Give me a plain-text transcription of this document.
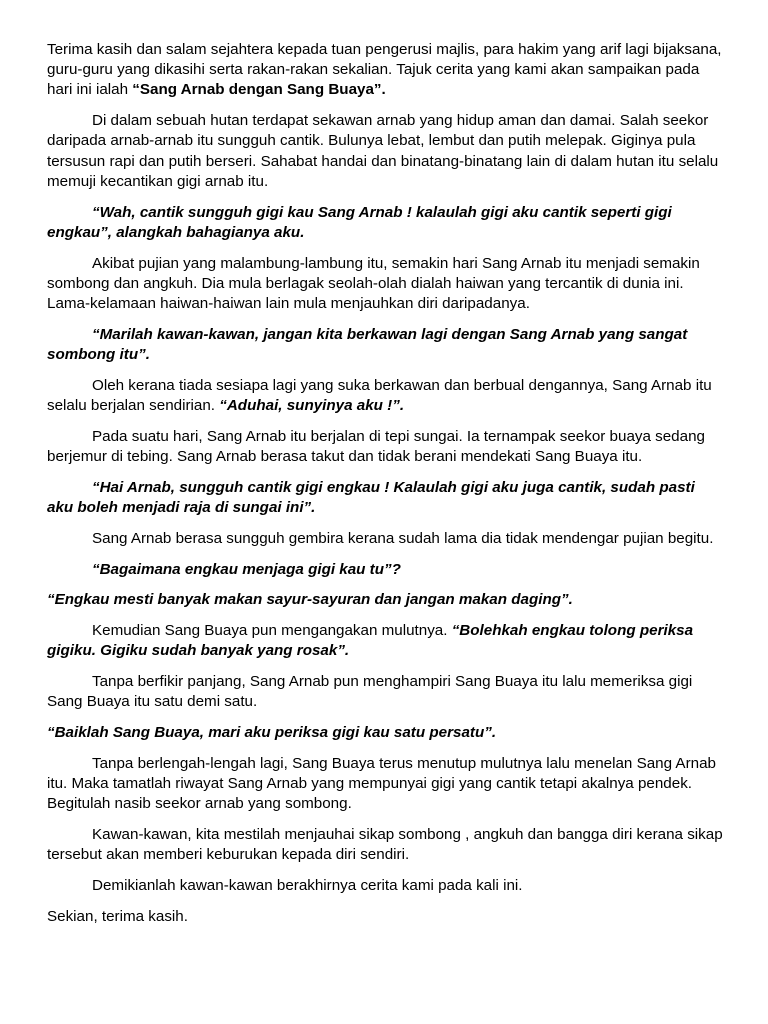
Terima kasih dan salam sejahtera kepada tuan pengerusi majlis, para hakim yang arif lagi bijaksana, guru-guru yang dikasihi serta rakan-rakan sekalian. Tajuk cerita yang kami akan sampaikan pada hari ini ialah “Sang Arnab dengan Sang Buaya”.

Di dalam sebuah hutan terdapat sekawan arnab yang hidup aman dan damai. Salah seekor daripada arnab-arnab itu sungguh cantik. Bulunya lebat, lembut dan putih melepak. Giginya pula tersusun rapi dan putih berseri. Sahabat handai dan binatang-binatang lain di dalam hutan itu selalu memuji kecantikan gigi arnab itu.

“Wah, cantik sungguh gigi kau Sang Arnab ! kalaulah gigi aku cantik seperti gigi engkau”, alangkah bahagianya aku.

Akibat pujian yang malambung-lambung itu, semakin hari Sang Arnab itu menjadi semakin sombong dan angkuh. Dia mula berlagak seolah-olah dialah haiwan yang tercantik di dunia ini. Lama-kelamaan haiwan-haiwan lain mula menjauhkan diri daripadanya.

“Marilah kawan-kawan, jangan kita berkawan lagi dengan Sang Arnab yang sangat sombong itu”.

Oleh kerana tiada sesiapa lagi yang suka berkawan dan berbual dengannya, Sang Arnab itu selalu berjalan sendirian. “Aduhai, sunyinya aku !”.

Pada suatu hari, Sang Arnab itu berjalan di tepi sungai. Ia ternampak seekor buaya sedang berjemur di tebing. Sang Arnab berasa takut dan tidak berani mendekati Sang Buaya itu.

“Hai Arnab, sungguh cantik gigi engkau ! Kalaulah gigi aku juga cantik, sudah pasti aku boleh menjadi raja di sungai ini”.

Sang Arnab berasa sungguh gembira kerana sudah lama dia tidak mendengar pujian begitu.

“Bagaimana engkau menjaga gigi kau tu”?

“Engkau mesti banyak makan sayur-sayuran dan jangan makan daging”.

Kemudian Sang Buaya pun mengangakan mulutnya. “Bolehkah engkau tolong periksa gigiku. Gigiku sudah banyak yang rosak”.

Tanpa berfikir panjang, Sang Arnab pun menghampiri Sang Buaya itu lalu memeriksa gigi Sang Buaya itu satu demi satu.

“Baiklah Sang Buaya, mari aku periksa gigi kau satu persatu”.

Tanpa berlengah-lengah lagi, Sang Buaya terus menutup mulutnya lalu menelan Sang Arnab itu. Maka tamatlah riwayat Sang Arnab yang mempunyai gigi yang cantik tetapi akalnya pendek. Begitulah nasib seekor arnab yang sombong.

Kawan-kawan, kita mestilah menjauhai sikap sombong , angkuh dan bangga diri kerana sikap tersebut akan memberi keburukan kepada diri sendiri.

Demikianlah kawan-kawan berakhirnya cerita kami pada kali ini.

Sekian, terima kasih.
